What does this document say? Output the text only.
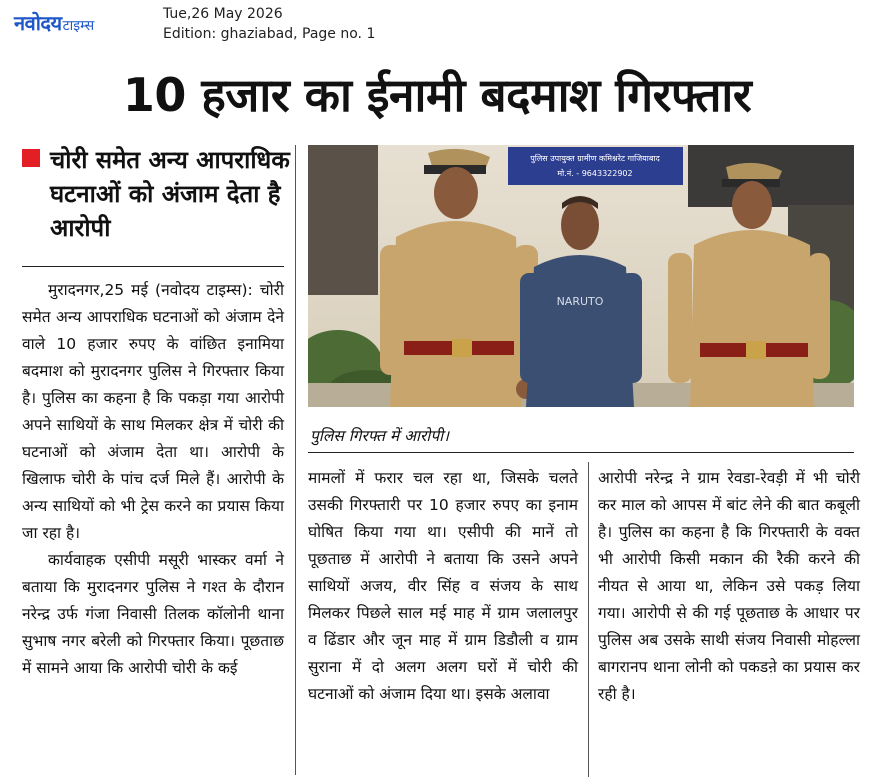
नवोदयटाइम्स
Tue,26 May 2026
Edition: ghaziabad, Page no. 1
10 हजार का ईनामी बदमाश गिरफ्तार
चोरी समेत अन्य आपराधिक घटनाओं को अंजाम देता है आरोपी

मुरादनगर,25 मई (नवोदय टाइम्स): चोरी समेत अन्य आपराधिक घटनाओं को अंजाम देने वाले 10 हजार रुपए के वांछित इनामिया बदमाश को मुरादनगर पुलिस ने गिरफ्तार किया है। पुलिस का कहना है कि पकड़ा गया आरोपी अपने साथियों के साथ मिलकर क्षेत्र में चोरी की घटनाओं को अंजाम देता था। आरोपी के खिलाफ चोरी के पांच दर्ज मिले हैं। आरोपी के अन्य साथियों को भी ट्रेस करने का प्रयास किया जा रहा है।

कार्यवाहक एसीपी मसूरी भास्कर वर्मा ने बताया कि मुरादनगर पुलिस ने गश्त के दौरान नरेन्द्र उर्फ गंजा निवासी तिलक कॉलोनी थाना सुभाष नगर बरेली को गिरफ्तार किया। पूछताछ में सामने आया कि आरोपी चोरी के कई

पुलिस उपायुक्त ग्रामीण कमिश्नरेट गाजियाबाद
मो.नं. - 9643322902
NARUTO
पुलिस गिरफ्त में आरोपी।

मामलों में फरार चल रहा था, जिसके चलते उसकी गिरफ्तारी पर 10 हजार रुपए का इनाम घोषित किया गया था। एसीपी की मानें तो पूछताछ में आरोपी ने बताया कि उसने अपने साथियों अजय, वीर सिंह व संजय के साथ मिलकर पिछले साल मई माह में ग्राम जलालपुर व ढिंडार और जून माह में ग्राम डिडौली व ग्राम सुराना में दो अलग अलग घरों में चोरी की घटनाओं को अंजाम दिया था। इसके अलावा

आरोपी नरेन्द्र ने ग्राम रेवडा-रेवड़ी में भी चोरी कर माल को आपस में बांट लेने की बात कबूली है। पुलिस का कहना है कि गिरफ्तारी के वक्त भी आरोपी किसी मकान की रैकी करने की नीयत से आया था, लेकिन उसे पकड़ लिया गया। आरोपी से की गई पूछताछ के आधार पर पुलिस अब उसके साथी संजय निवासी मोहल्ला बागरानप थाना लोनी को पकडऩे का प्रयास कर रही है।
